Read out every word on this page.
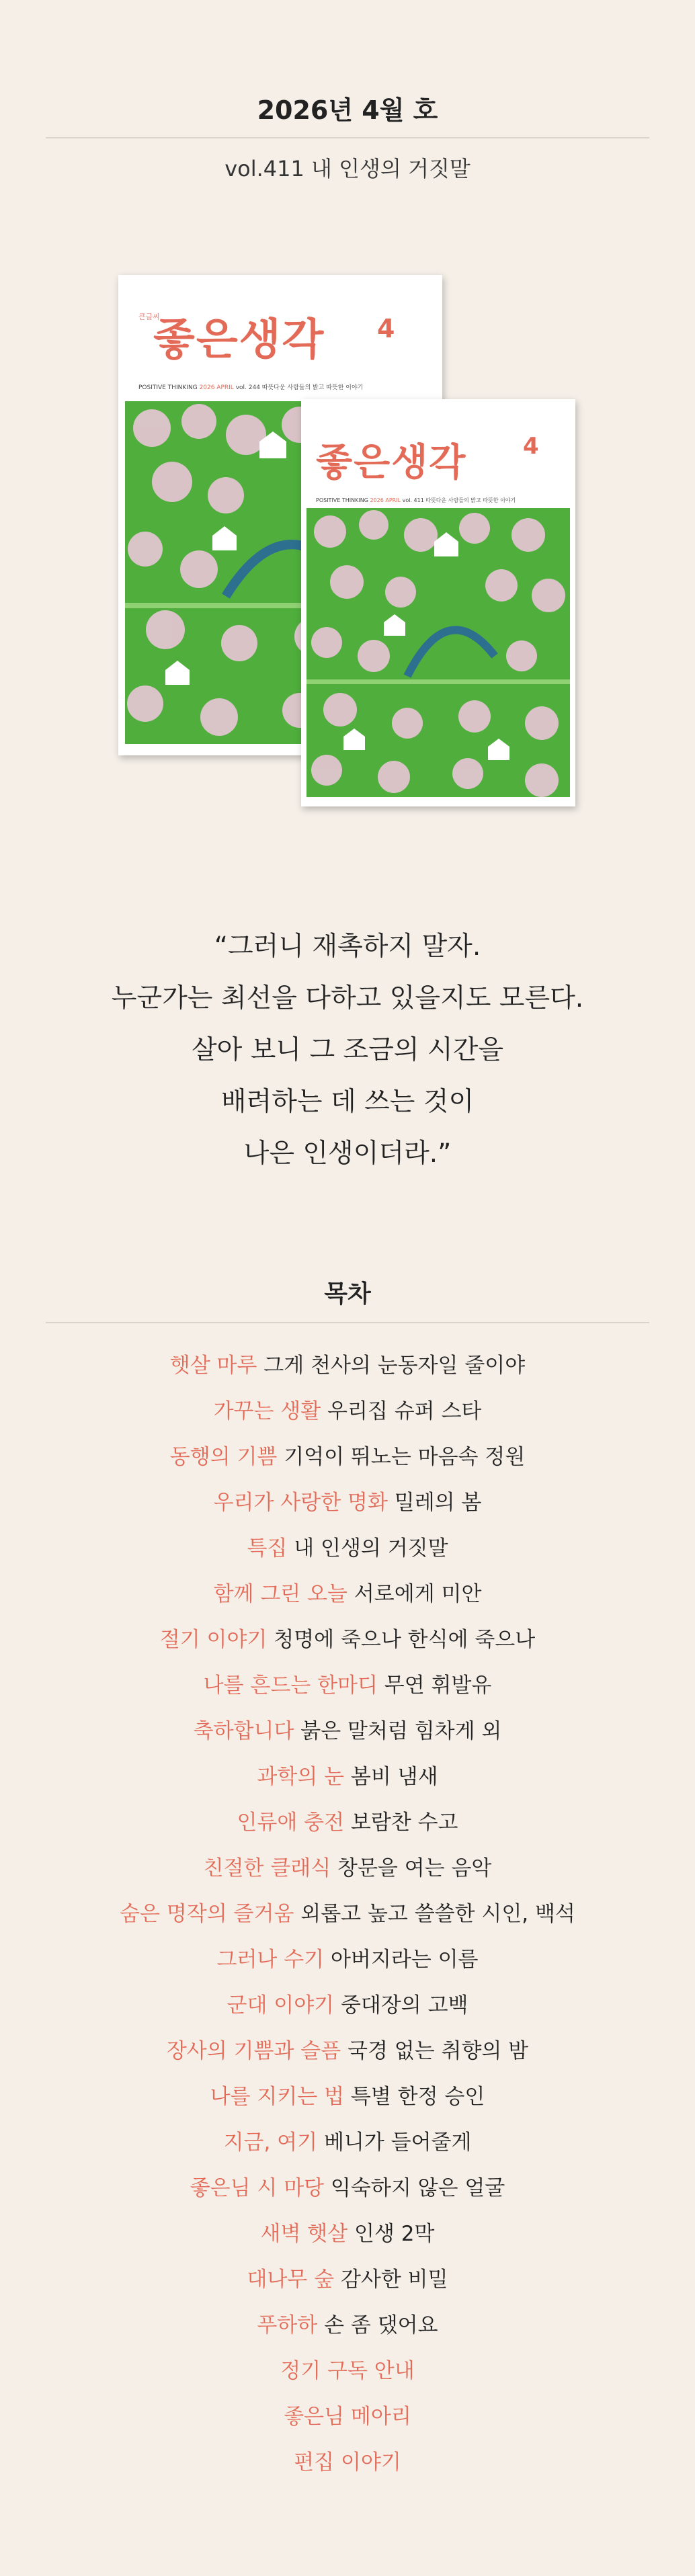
2026년 4월 호
vol.411 내 인생의 거짓말
큰글씨
좋은생각 4
POSITIVE THINKING 2026 APRIL vol. 244 따뜻다운 사람들의 밝고 따뜻한 이야기
좋은생각 4
POSITIVE THINKING 2026 APRIL vol. 411 따뜻다운 사람들의 밝고 따뜻한 이야기
“그러니 재촉하지 말자.
누군가는 최선을 다하고 있을지도 모른다.
살아 보니 그 조금의 시간을
배려하는 데 쓰는 것이
나은 인생이더라.”
목차
햇살 마루 그게 천사의 눈동자일 줄이야
가꾸는 생활 우리집 슈퍼 스타
동행의 기쁨 기억이 뛰노는 마음속 정원
우리가 사랑한 명화 밀레의 봄
특집 내 인생의 거짓말
함께 그린 오늘 서로에게 미안
절기 이야기 청명에 죽으나 한식에 죽으나
나를 흔드는 한마디 무연 휘발유
축하합니다 붉은 말처럼 힘차게 외
과학의 눈 봄비 냄새
인류애 충전 보람찬 수고
친절한 클래식 창문을 여는 음악
숨은 명작의 즐거움 외롭고 높고 쓸쓸한 시인, 백석
그러나 수기 아버지라는 이름
군대 이야기 중대장의 고백
장사의 기쁨과 슬픔 국경 없는 취향의 밤
나를 지키는 법 특별 한정 승인
지금, 여기 베니가 들어줄게
좋은님 시 마당 익숙하지 않은 얼굴
새벽 햇살 인생 2막
대나무 숲 감사한 비밀
푸하하 손 좀 댔어요
정기 구독 안내
좋은님 메아리
편집 이야기
